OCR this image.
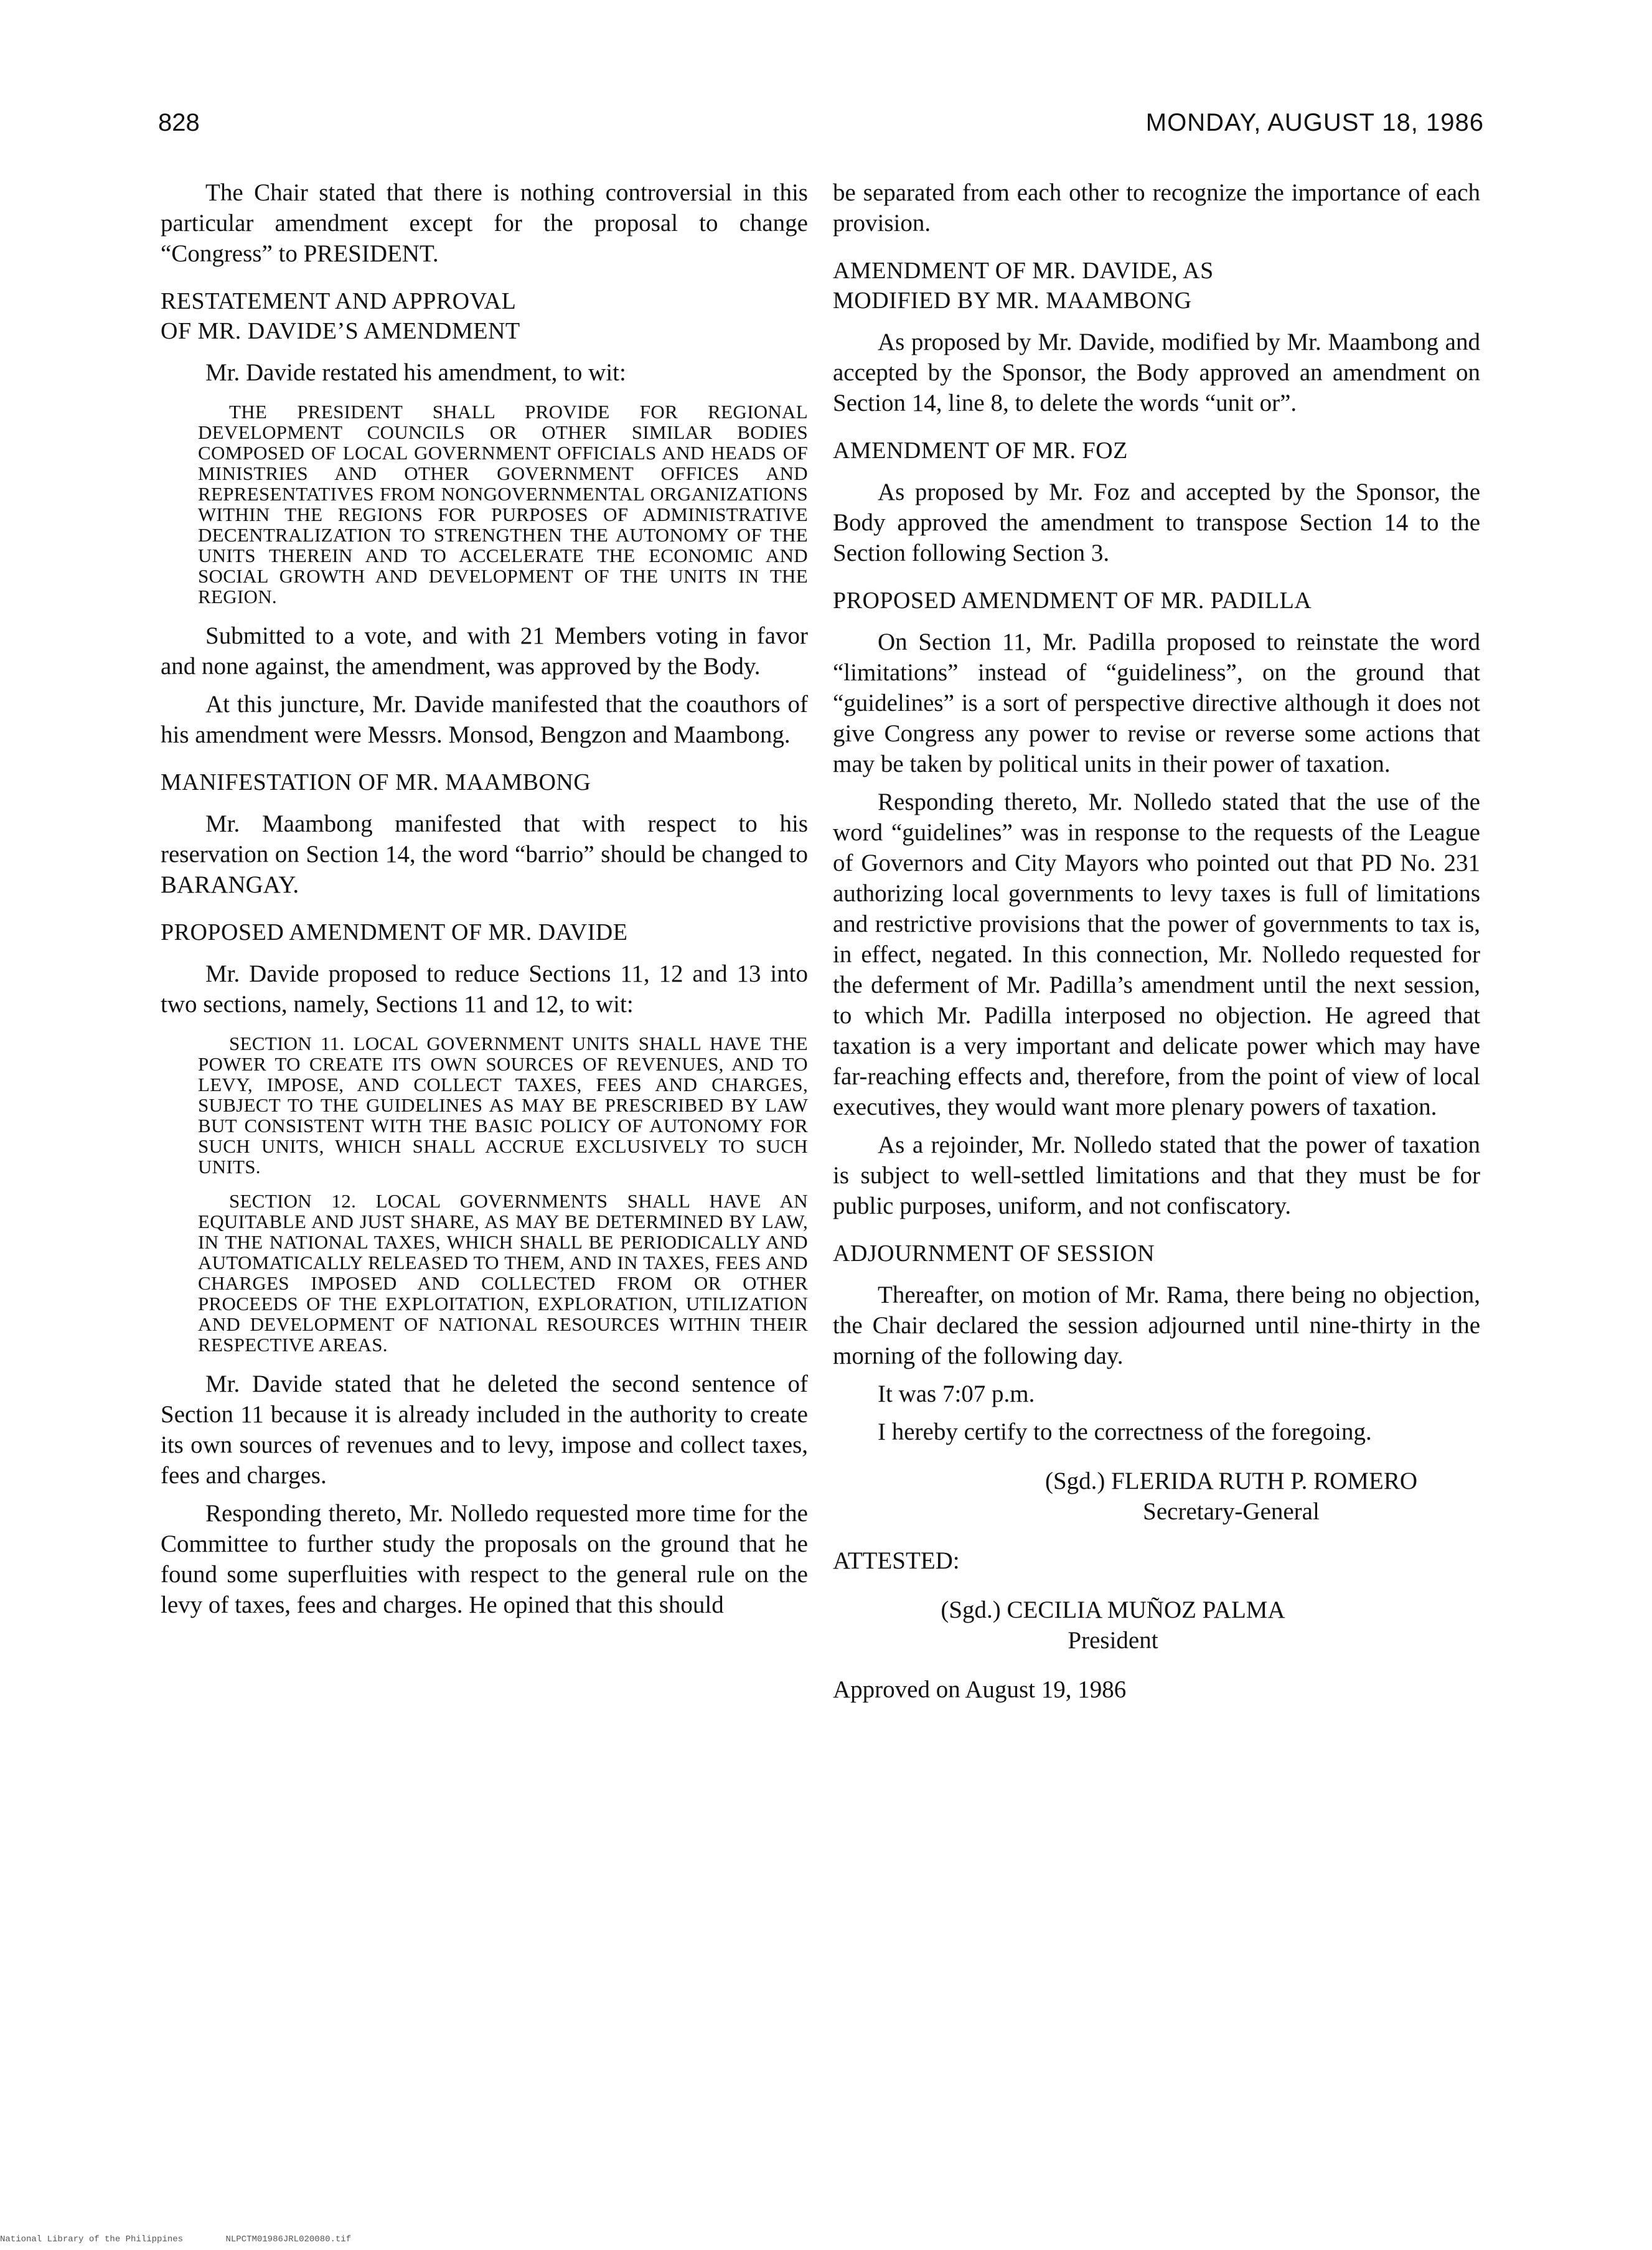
828	MONDAY, AUGUST 18, 1986

The Chair stated that there is nothing controversial in this particular amendment except for the proposal to change “Congress” to PRESIDENT.

RESTATEMENT AND APPROVAL
OF MR. DAVIDE’S AMENDMENT

Mr. Davide restated his amendment, to wit:

THE PRESIDENT SHALL PROVIDE FOR REGIONAL DEVELOPMENT COUNCILS OR OTHER SIMILAR BODIES COMPOSED OF LOCAL GOVERNMENT OFFICIALS AND HEADS OF MINISTRIES AND OTHER GOVERNMENT OFFICES AND REPRESENTATIVES FROM NONGOVERNMENTAL ORGANIZATIONS WITHIN THE REGIONS FOR PURPOSES OF ADMINISTRATIVE DECENTRALIZATION TO STRENGTHEN THE AUTONOMY OF THE UNITS THEREIN AND TO ACCELERATE THE ECONOMIC AND SOCIAL GROWTH AND DEVELOPMENT OF THE UNITS IN THE REGION.

Submitted to a vote, and with 21 Members voting in favor and none against, the amendment, was approved by the Body.

At this juncture, Mr. Davide manifested that the coauthors of his amendment were Messrs. Monsod, Bengzon and Maambong.

MANIFESTATION OF MR. MAAMBONG

Mr. Maambong manifested that with respect to his reservation on Section 14, the word “barrio” should be changed to BARANGAY.

PROPOSED AMENDMENT OF MR. DAVIDE

Mr. Davide proposed to reduce Sections 11, 12 and 13 into two sections, namely, Sections 11 and 12, to wit:

SECTION 11. LOCAL GOVERNMENT UNITS SHALL HAVE THE POWER TO CREATE ITS OWN SOURCES OF REVENUES, AND TO LEVY, IMPOSE, AND COLLECT TAXES, FEES AND CHARGES, SUBJECT TO THE GUIDELINES AS MAY BE PRESCRIBED BY LAW BUT CONSISTENT WITH THE BASIC POLICY OF AUTONOMY FOR SUCH UNITS, WHICH SHALL ACCRUE EXCLUSIVELY TO SUCH UNITS.
SECTION 12. LOCAL GOVERNMENTS SHALL HAVE AN EQUITABLE AND JUST SHARE, AS MAY BE DETERMINED BY LAW, IN THE NATIONAL TAXES, WHICH SHALL BE PERIODICALLY AND AUTOMATICALLY RELEASED TO THEM, AND IN TAXES, FEES AND CHARGES IMPOSED AND COLLECTED FROM OR OTHER PROCEEDS OF THE EXPLOITATION, EXPLORATION, UTILIZATION AND DEVELOPMENT OF NATIONAL RESOURCES WITHIN THEIR RESPECTIVE AREAS.

Mr. Davide stated that he deleted the second sentence of Section 11 because it is already included in the authority to create its own sources of revenues and to levy, impose and collect taxes, fees and charges.

Responding thereto, Mr. Nolledo requested more time for the Committee to further study the proposals on the ground that he found some superfluities with respect to the general rule on the levy of taxes, fees and charges. He opined that this should

be separated from each other to recognize the importance of each provision.

AMENDMENT OF MR. DAVIDE, AS
MODIFIED BY MR. MAAMBONG

As proposed by Mr. Davide, modified by Mr. Maambong and accepted by the Sponsor, the Body approved an amendment on Section 14, line 8, to delete the words “unit or”.

AMENDMENT OF MR. FOZ

As proposed by Mr. Foz and accepted by the Sponsor, the Body approved the amendment to transpose Section 14 to the Section following Section 3.

PROPOSED AMENDMENT OF MR. PADILLA

On Section 11, Mr. Padilla proposed to reinstate the word “limitations” instead of “guideliness”, on the ground that “guidelines” is a sort of perspective directive although it does not give Congress any power to revise or reverse some actions that may be taken by political units in their power of taxation.

Responding thereto, Mr. Nolledo stated that the use of the word “guidelines” was in response to the requests of the League of Governors and City Mayors who pointed out that PD No. 231 authorizing local governments to levy taxes is full of limitations and restrictive provisions that the power of governments to tax is, in effect, negated. In this connection, Mr. Nolledo requested for the deferment of Mr. Padilla’s amendment until the next session, to which Mr. Padilla interposed no objection. He agreed that taxation is a very important and delicate power which may have far-reaching effects and, therefore, from the point of view of local executives, they would want more plenary powers of taxation.

As a rejoinder, Mr. Nolledo stated that the power of taxation is subject to well-settled limitations and that they must be for public purposes, uniform, and not confiscatory.

ADJOURNMENT OF SESSION

Thereafter, on motion of Mr. Rama, there being no objection, the Chair declared the session adjourned until nine-thirty in the morning of the following day.

It was 7:07 p.m.

I hereby certify to the correctness of the foregoing.

(Sgd.) FLERIDA RUTH P. ROMERO
Secretary-General

ATTESTED:

(Sgd.) CECILIA MUÑOZ PALMA
President

Approved on August 19, 1986

National Library of the Philippines	NLPCTM01986JRL020080.tif
